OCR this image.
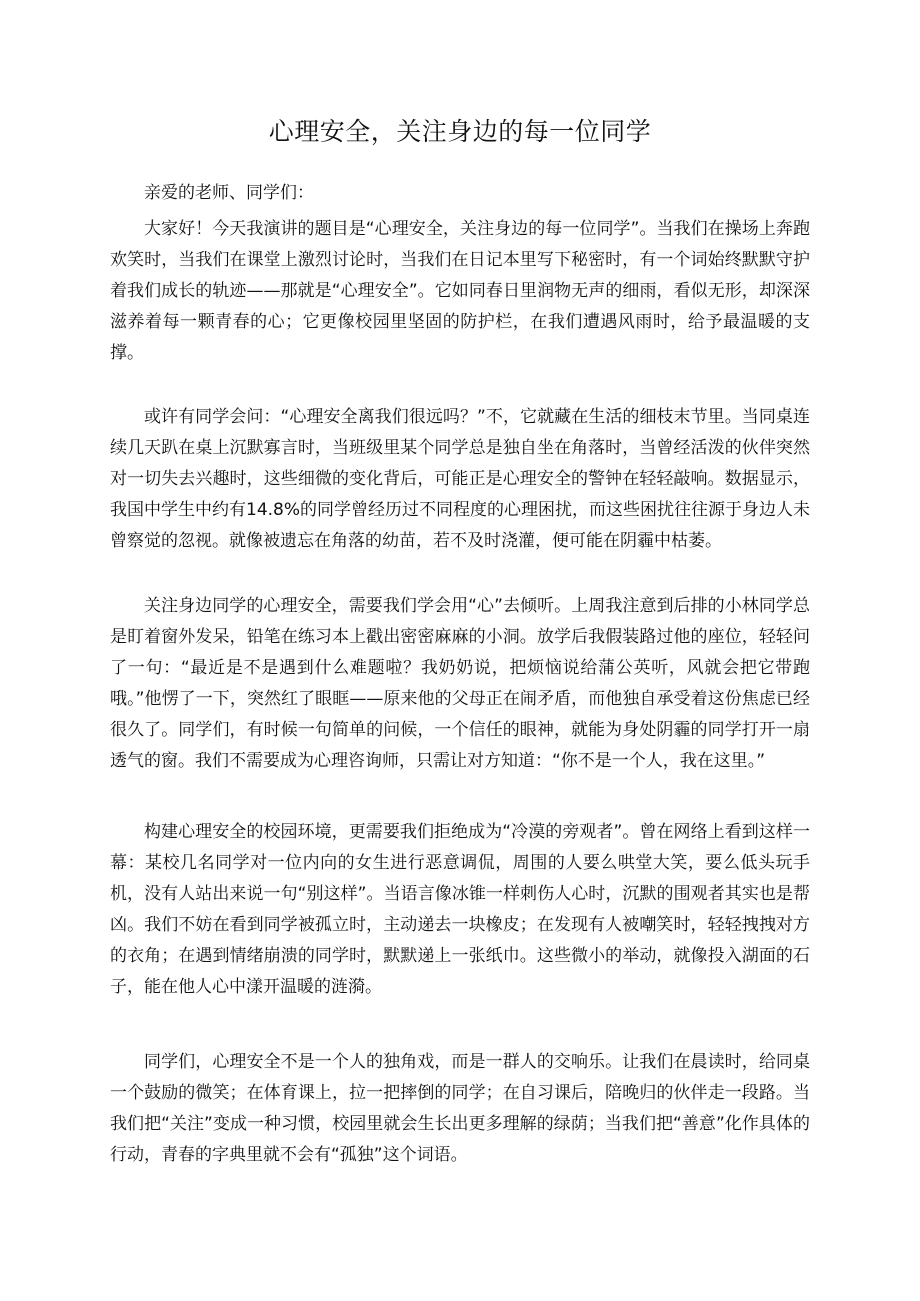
心理安全，关注身边的每一位同学

亲爱的老师、同学们：

大家好！今天我演讲的题目是“心理安全，关注身边的每一位同学”。当我们在操场上奔跑欢笑时，当我们在课堂上激烈讨论时，当我们在日记本里写下秘密时，有一个词始终默默守护着我们成长的轨迹——那就是“心理安全”。它如同春日里润物无声的细雨，看似无形，却深深滋养着每一颗青春的心；它更像校园里坚固的防护栏，在我们遭遇风雨时，给予最温暖的支撑。

或许有同学会问：“心理安全离我们很远吗？”不，它就藏在生活的细枝末节里。当同桌连续几天趴在桌上沉默寡言时，当班级里某个同学总是独自坐在角落时，当曾经活泼的伙伴突然对一切失去兴趣时，这些细微的变化背后，可能正是心理安全的警钟在轻轻敲响。数据显示，我国中学生中约有14.8%的同学曾经历过不同程度的心理困扰，而这些困扰往往源于身边人未曾察觉的忽视。就像被遗忘在角落的幼苗，若不及时浇灌，便可能在阴霾中枯萎。

关注身边同学的心理安全，需要我们学会用“心”去倾听。上周我注意到后排的小林同学总是盯着窗外发呆，铅笔在练习本上戳出密密麻麻的小洞。放学后我假装路过他的座位，轻轻问了一句：“最近是不是遇到什么难题啦？我奶奶说，把烦恼说给蒲公英听，风就会把它带跑哦。”他愣了一下，突然红了眼眶——原来他的父母正在闹矛盾，而他独自承受着这份焦虑已经很久了。同学们，有时候一句简单的问候，一个信任的眼神，就能为身处阴霾的同学打开一扇透气的窗。我们不需要成为心理咨询师，只需让对方知道：“你不是一个人，我在这里。”

构建心理安全的校园环境，更需要我们拒绝成为“冷漠的旁观者”。曾在网络上看到这样一幕：某校几名同学对一位内向的女生进行恶意调侃，周围的人要么哄堂大笑，要么低头玩手机，没有人站出来说一句“别这样”。当语言像冰锥一样刺伤人心时，沉默的围观者其实也是帮凶。我们不妨在看到同学被孤立时，主动递去一块橡皮；在发现有人被嘲笑时，轻轻拽拽对方的衣角；在遇到情绪崩溃的同学时，默默递上一张纸巾。这些微小的举动，就像投入湖面的石子，能在他人心中漾开温暖的涟漪。

同学们，心理安全不是一个人的独角戏，而是一群人的交响乐。让我们在晨读时，给同桌一个鼓励的微笑；在体育课上，拉一把摔倒的同学；在自习课后，陪晚归的伙伴走一段路。当我们把“关注”变成一种习惯，校园里就会生长出更多理解的绿荫；当我们把“善意”化作具体的行动，青春的字典里就不会有“孤独”这个词语。
